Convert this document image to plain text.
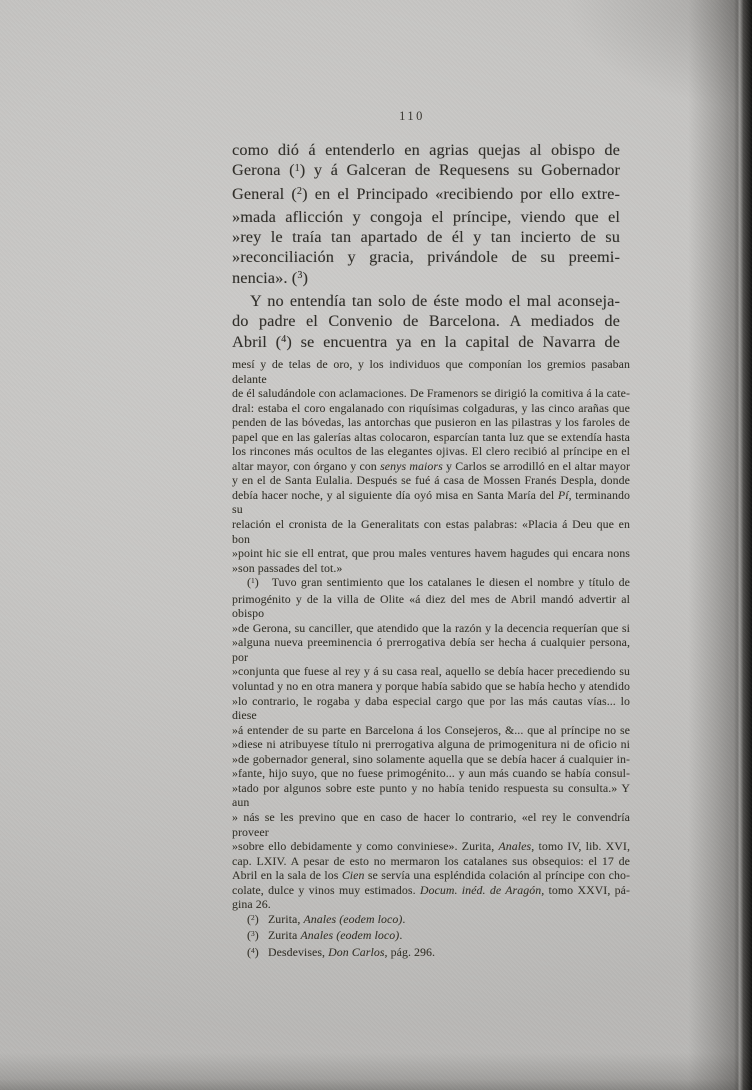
110
como dió á entenderlo en agrias quejas al obispo de
Gerona ($^1$) y á Galceran de Requesens su Gobernador
General ($^2$) en el Principado «recibiendo por ello extre-
»mada aflicción y congoja el príncipe, viendo que el
»rey le traía tan apartado de él y tan incierto de su
»reconciliación y gracia, privándole de su preemi-
nencia». ($^3$)
Y no entendía tan solo de éste modo el mal aconseja-
do padre el Convenio de Barcelona. A mediados de
Abril ($^4$) se encuentra ya en la capital de Navarra de
mesí y de telas de oro, y los individuos que componían los gremios pasaban delante
de él saludándole con aclamaciones. De Framenors se dirigió la comitiva á la cate-
dral: estaba el coro engalanado con riquísimas colgaduras, y las cinco arañas que
penden de las bóvedas, las antorchas que pusieron en las pilastras y los faroles de
papel que en las galerías altas colocaron, esparcían tanta luz que se extendía hasta
los rincones más ocultos de las elegantes ojivas. El clero recibió al príncipe en el
altar mayor, con órgano y con senys maiors y Carlos se arrodilló en el altar mayor
y en el de Santa Eulalia. Después se fué á casa de Mossen Franés Despla, donde
debía hacer noche, y al siguiente día oyó misa en Santa María del Pí, terminando su
relación el cronista de la Generalitats con estas palabras: «Placia á Deu que en bon
»point hic sie ell entrat, que prou males ventures havem hagudes qui encara nons
»son passades del tot.»
($^1$)   Tuvo gran sentimiento que los catalanes le diesen el nombre y título de
primogénito y de la villa de Olite «á diez del mes de Abril mandó advertir al obispo
»de Gerona, su canciller, que atendido que la razón y la decencia requerían que si
»alguna nueva preeminencia ó prerrogativa debía ser hecha á cualquier persona, por
»conjunta que fuese al rey y á su casa real, aquello se debía hacer precediendo su
voluntad y no en otra manera y porque había sabido que se había hecho y atendido
»lo contrario, le rogaba y daba especial cargo que por las más cautas vías... lo diese
»á entender de su parte en Barcelona á los Consejeros, &... que al príncipe no se
»diese ni atribuyese título ni prerrogativa alguna de primogenitura ni de oficio ni
»de gobernador general, sino solamente aquella que se debía hacer á cualquier in-
»fante, hijo suyo, que no fuese primogénito... y aun más cuando se había consul-
»tado por algunos sobre este punto y no había tenido respuesta su consulta.» Y aun
» nás se les previno que en caso de hacer lo contrario, «el rey le convendría proveer
»sobre ello debidamente y como conviniese». Zurita, Anales, tomo IV, lib. XVI,
cap. LXIV. A pesar de esto no mermaron los catalanes sus obsequios: el 17 de
Abril en la sala de los Cien se servía una espléndida colación al príncipe con cho-
colate, dulce y vinos muy estimados. Docum. inéd. de Aragón, tomo XXVI, pá-
gina 26.
($^2$)   Zurita, Anales (eodem loco).
($^3$)   Zurita Anales (eodem loco).
($^4$)   Desdevises, Don Carlos, pág. 296.
